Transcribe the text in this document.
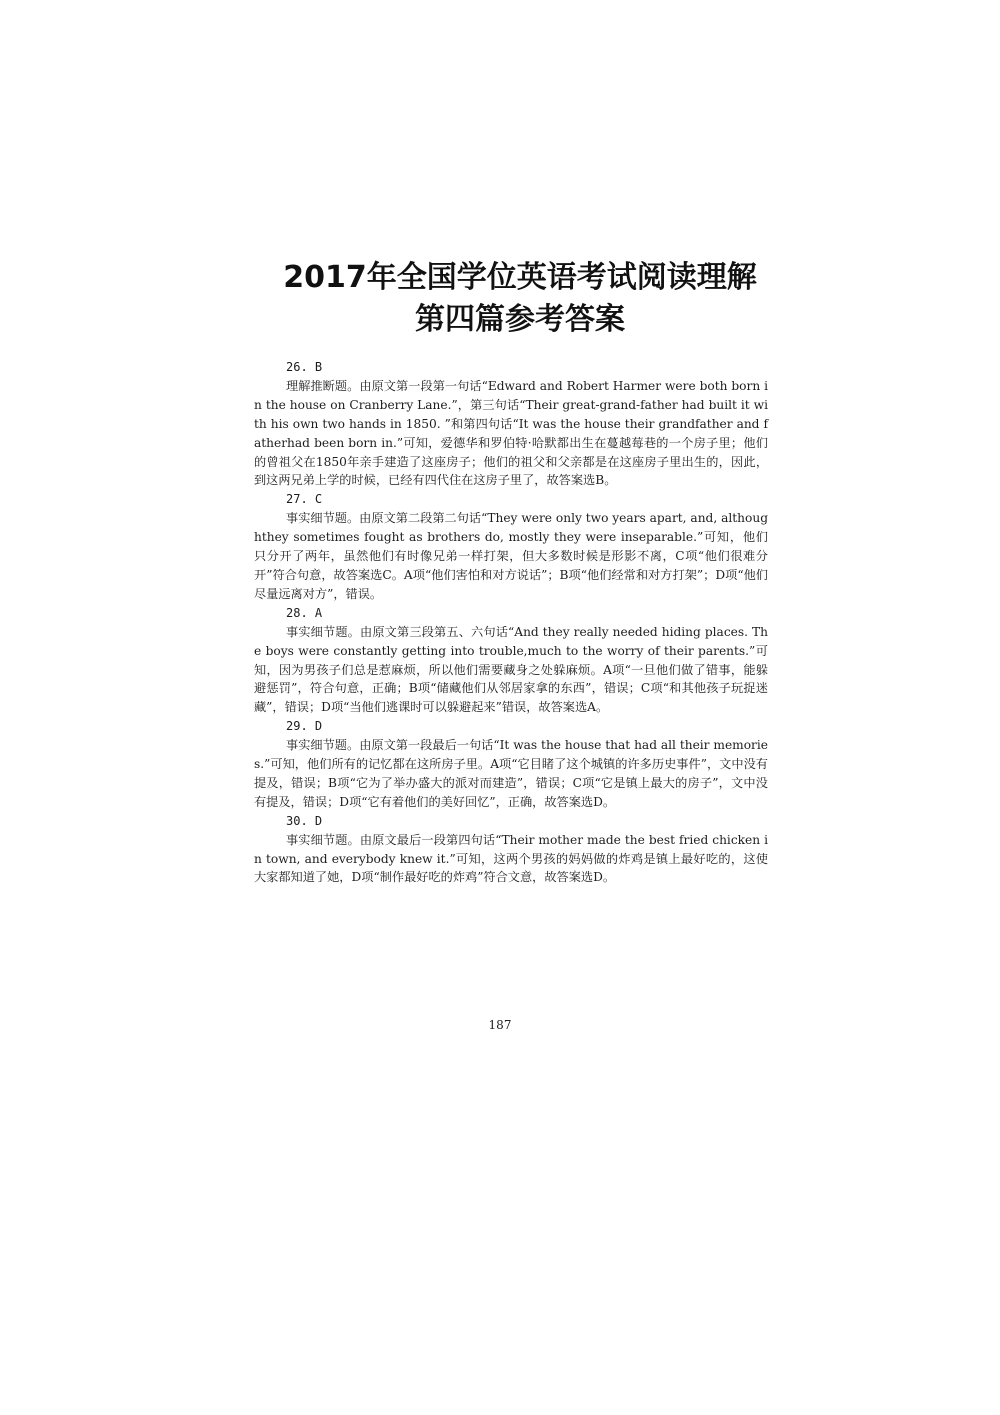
2017年全国学位英语考试阅读理解
第四篇参考答案
26. B
理解推断题。由原文第一段第一句话“Edward and Robert Harmer were both born in the house on Cranberry Lane.”，第三句话“Their great-grand-father had built it with his own two hands in 1850. ”和第四句话“It was the house their grandfather and fatherhad been born in.”可知，爱德华和罗伯特·哈默都出生在蔓越莓巷的一个房子里；他们的曾祖父在1850年亲手建造了这座房子；他们的祖父和父亲都是在这座房子里出生的，因此，到这两兄弟上学的时候，已经有四代住在这房子里了，故答案选B。
27. C
事实细节题。由原文第二段第二句话“They were only two years apart, and, althoughthey sometimes fought as brothers do, mostly they were inseparable.”可知，他们只分开了两年，虽然他们有时像兄弟一样打架，但大多数时候是形影不离，C项“他们很难分开”符合句意，故答案选C。A项“他们害怕和对方说话”；B项“他们经常和对方打架”；D项“他们尽量远离对方”，错误。
28. A
事实细节题。由原文第三段第五、六句话“And they really needed hiding places. The boys were constantly getting into trouble,much to the worry of their parents.”可知，因为男孩子们总是惹麻烦，所以他们需要藏身之处躲麻烦。A项“一旦他们做了错事，能躲避惩罚”，符合句意，正确；B项“储藏他们从邻居家拿的东西”，错误；C项“和其他孩子玩捉迷藏”，错误；D项“当他们逃课时可以躲避起来”错误，故答案选A。
29. D
事实细节题。由原文第一段最后一句话“It was the house that had all their memories.”可知，他们所有的记忆都在这所房子里。A项“它目睹了这个城镇的许多历史事件”，文中没有提及，错误；B项“它为了举办盛大的派对而建造”，错误；C项“它是镇上最大的房子”，文中没有提及，错误；D项“它有着他们的美好回忆”，正确，故答案选D。
30. D
事实细节题。由原文最后一段第四句话“Their mother made the best fried chicken in town, and everybody knew it.”可知，这两个男孩的妈妈做的炸鸡是镇上最好吃的，这使大家都知道了她，D项“制作最好吃的炸鸡”符合文意，故答案选D。
187
